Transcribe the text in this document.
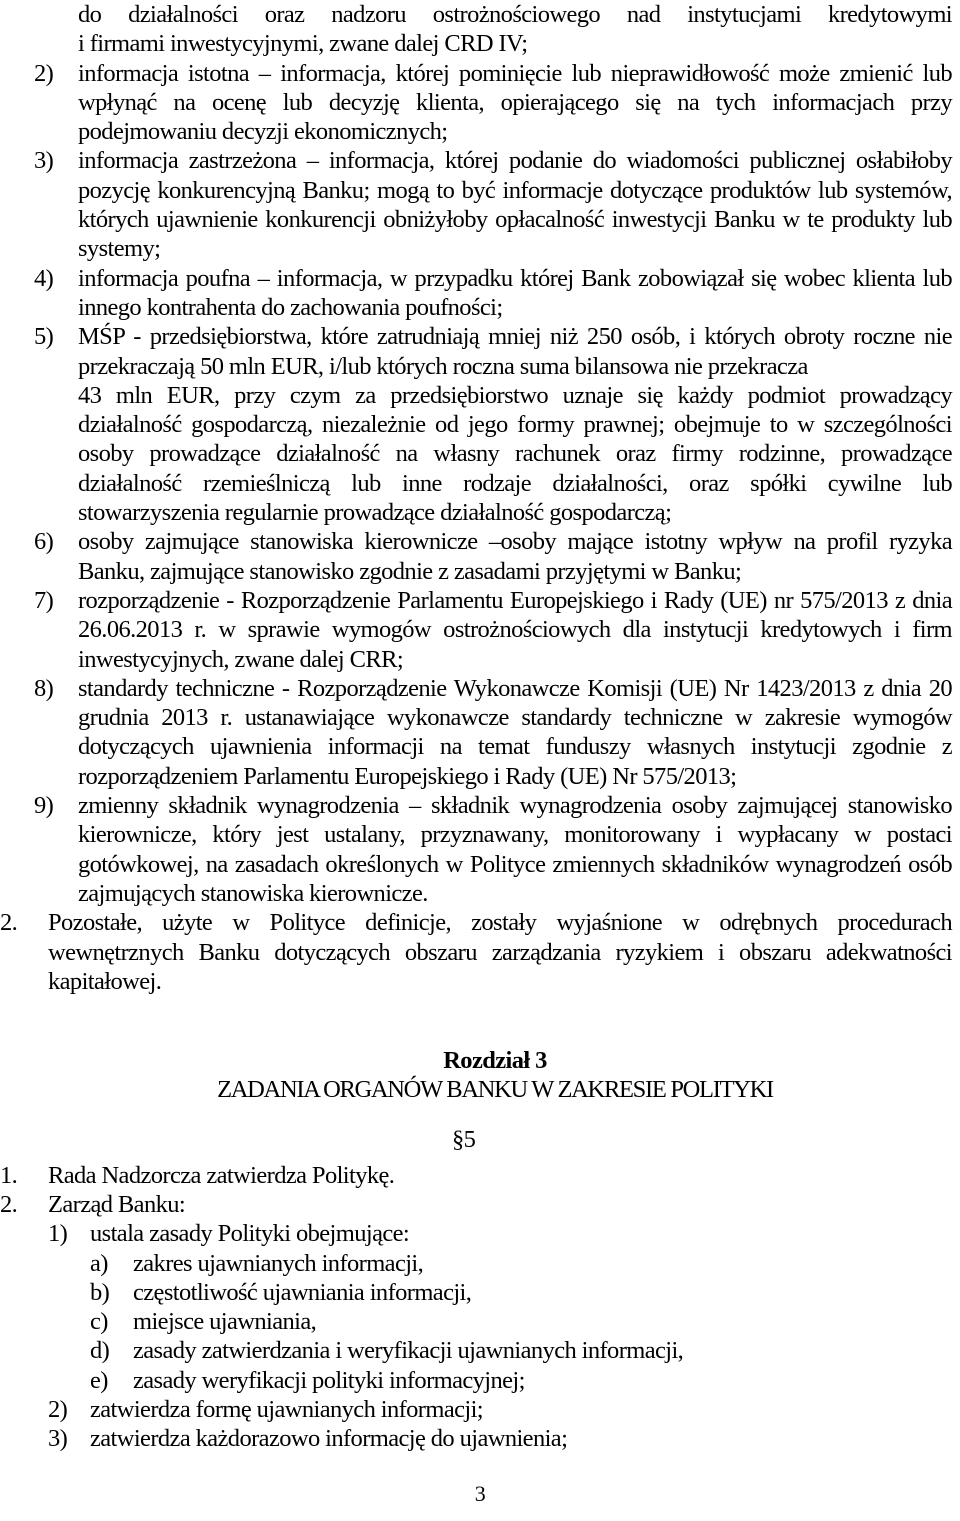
do działalności oraz nadzoru ostrożnościowego nad instytucjami kredytowymi
i firmami inwestycyjnymi, zwane dalej CRD IV;
2) informacja istotna – informacja, której pominięcie lub nieprawidłowość może zmienić lub wpłynąć na ocenę lub decyzję klienta, opierającego się na tych informacjach przy podejmowaniu decyzji ekonomicznych;
3) informacja zastrzeżona – informacja, której podanie do wiadomości publicznej osłabiłoby pozycję konkurencyjną Banku; mogą to być informacje dotyczące produktów lub systemów, których ujawnienie konkurencji obniżyłoby opłacalność inwestycji Banku w te produkty lub systemy;
4) informacja poufna – informacja, w przypadku której Bank zobowiązał się wobec klienta lub innego kontrahenta do zachowania poufności;
5) MŚP - przedsiębiorstwa, które zatrudniają mniej niż 250 osób, i których obroty roczne nie przekraczają 50 mln EUR, i/lub których roczna suma bilansowa nie przekracza
43 mln EUR, przy czym za przedsiębiorstwo uznaje się każdy podmiot prowadzący działalność gospodarczą, niezależnie od jego formy prawnej; obejmuje to w szczególności osoby prowadzące działalność na własny rachunek oraz firmy rodzinne, prowadzące działalność rzemieślniczą lub inne rodzaje działalności, oraz spółki cywilne lub stowarzyszenia regularnie prowadzące działalność gospodarczą;
6) osoby zajmujące stanowiska kierownicze –osoby mające istotny wpływ na profil ryzyka Banku, zajmujące stanowisko zgodnie z zasadami przyjętymi w Banku;
7) rozporządzenie - Rozporządzenie Parlamentu Europejskiego i Rady (UE) nr 575/2013 z dnia 26.06.2013 r. w sprawie wymogów ostrożnościowych dla instytucji kredytowych i firm inwestycyjnych, zwane dalej CRR;
8) standardy techniczne - Rozporządzenie Wykonawcze Komisji (UE) Nr 1423/2013 z dnia 20 grudnia 2013 r. ustanawiające wykonawcze standardy techniczne w zakresie wymogów dotyczących ujawnienia informacji na temat funduszy własnych instytucji zgodnie z rozporządzeniem Parlamentu Europejskiego i Rady (UE) Nr 575/2013;
9) zmienny składnik wynagrodzenia – składnik wynagrodzenia osoby zajmującej stanowisko kierownicze, który jest ustalany, przyznawany, monitorowany i wypłacany w postaci gotówkowej, na zasadach określonych w Polityce zmiennych składników wynagrodzeń osób zajmujących stanowiska kierownicze.
2. Pozostałe, użyte w Polityce definicje, zostały wyjaśnione w odrębnych procedurach wewnętrznych Banku dotyczących obszaru zarządzania ryzykiem i obszaru adekwatności kapitałowej.
Rozdział 3
ZADANIA ORGANÓW BANKU W ZAKRESIE POLITYKI
§5
1. Rada Nadzorcza zatwierdza Politykę.
2. Zarząd Banku:
1) ustala zasady Polityki obejmujące:
a) zakres ujawnianych informacji,
b) częstotliwość ujawniania informacji,
c) miejsce ujawniania,
d) zasady zatwierdzania i weryfikacji ujawnianych informacji,
e) zasady weryfikacji polityki informacyjnej;
2) zatwierdza formę ujawnianych informacji;
3) zatwierdza każdorazowo informację do ujawnienia;
3
